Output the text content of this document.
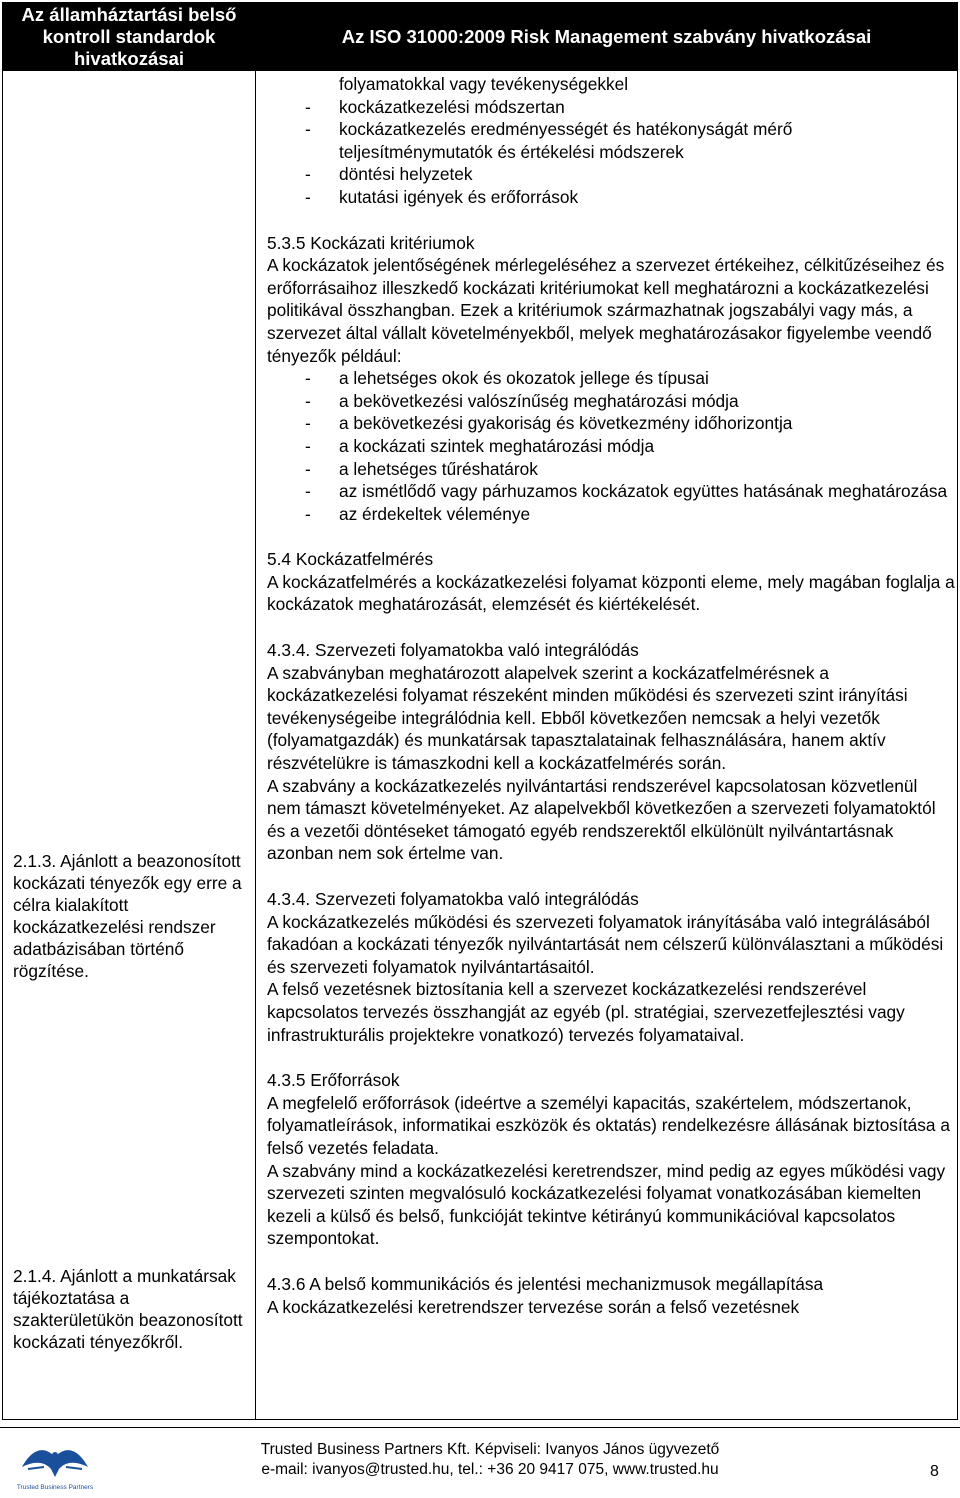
Az államháztartási belső
kontroll standardok
hivatkozásai
Az ISO 31000:2009 Risk Management szabvány hivatkozásai

2.1.3. Ajánlott a beazonosított kockázati tényezők egy erre a célra kialakított kockázatkezelési rendszer adatbázisában történő rögzítése.

2.1.4. Ajánlott a munkatársak tájékoztatása a szakterületükön beazonosított kockázati tényezőkről.

folyamatokkal vagy tevékenységekkel
- kockázatkezelési módszertan
- kockázatkezelés eredményességét és hatékonyságát mérő
teljesítménymutatók és értékelési módszerek
- döntési helyzetek
- kutatási igények és erőforrások

5.3.5 Kockázati kritériumok

A kockázatok jelentőségének mérlegeléséhez a szervezet értékeihez, célkitűzéseihez és erőforrásaihoz illeszkedő kockázati kritériumokat kell meghatározni a kockázatkezelési politikával összhangban. Ezek a kritériumok származhatnak jogszabályi vagy más, a szervezet által vállalt követelményekből, melyek meghatározásakor figyelembe veendő tényezők például:

- a lehetséges okok és okozatok jellege és típusai
- a bekövetkezési valószínűség meghatározási módja
- a bekövetkezési gyakoriság és következmény időhorizontja
- a kockázati szintek meghatározási módja
- a lehetséges tűréshatárok
- az ismétlődő vagy párhuzamos kockázatok együttes hatásának meghatározása
- az érdekeltek véleménye

5.4 Kockázatfelmérés

A kockázatfelmérés a kockázatkezelési folyamat központi eleme, mely magában foglalja a kockázatok meghatározását, elemzését és kiértékelését.

4.3.4. Szervezeti folyamatokba való integrálódás

A szabványban meghatározott alapelvek szerint a kockázatfelmérésnek a kockázatkezelési folyamat részeként minden működési és szervezeti szint irányítási tevékenységeibe integrálódnia kell. Ebből következően nemcsak a helyi vezetők (folyamatgazdák) és munkatársak tapasztalatainak felhasználására, hanem aktív részvételükre is támaszkodni kell a kockázatfelmérés során.

A szabvány a kockázatkezelés nyilvántartási rendszerével kapcsolatosan közvetlenül nem támaszt követelményeket. Az alapelvekből következően a szervezeti folyamatoktól és a vezetői döntéseket támogató egyéb rendszerektől elkülönült nyilvántartásnak azonban nem sok értelme van.

4.3.4. Szervezeti folyamatokba való integrálódás

A kockázatkezelés működési és szervezeti folyamatok irányításába való integrálásából fakadóan a kockázati tényezők nyilvántartását nem célszerű különválasztani a működési és szervezeti folyamatok nyilvántartásaitól.

A felső vezetésnek biztosítania kell a szervezet kockázatkezelési rendszerével kapcsolatos tervezés összhangját az egyéb (pl. stratégiai, szervezetfejlesztési vagy infrastrukturális projektekre vonatkozó) tervezés folyamataival.

4.3.5 Erőforrások

A megfelelő erőforrások (ideértve a személyi kapacitás, szakértelem, módszertanok, folyamatleírások, informatikai eszközök és oktatás) rendelkezésre állásának biztosítása a felső vezetés feladata.

A szabvány mind a kockázatkezelési keretrendszer, mind pedig az egyes működési vagy szervezeti szinten megvalósuló kockázatkezelési folyamat vonatkozásában kiemelten kezeli a külső és belső, funkcióját tekintve kétirányú kommunikációval kapcsolatos szempontokat.

4.3.6 A belső kommunikációs és jelentési mechanizmusok megállapítása

A kockázatkezelési keretrendszer tervezése során a felső vezetésnek

Trusted Business Partners
Trusted Business Partners Kft. Képviseli: Ivanyos János ügyvezető
e-mail: ivanyos@trusted.hu, tel.: +36 20 9417 075, www.trusted.hu	8
